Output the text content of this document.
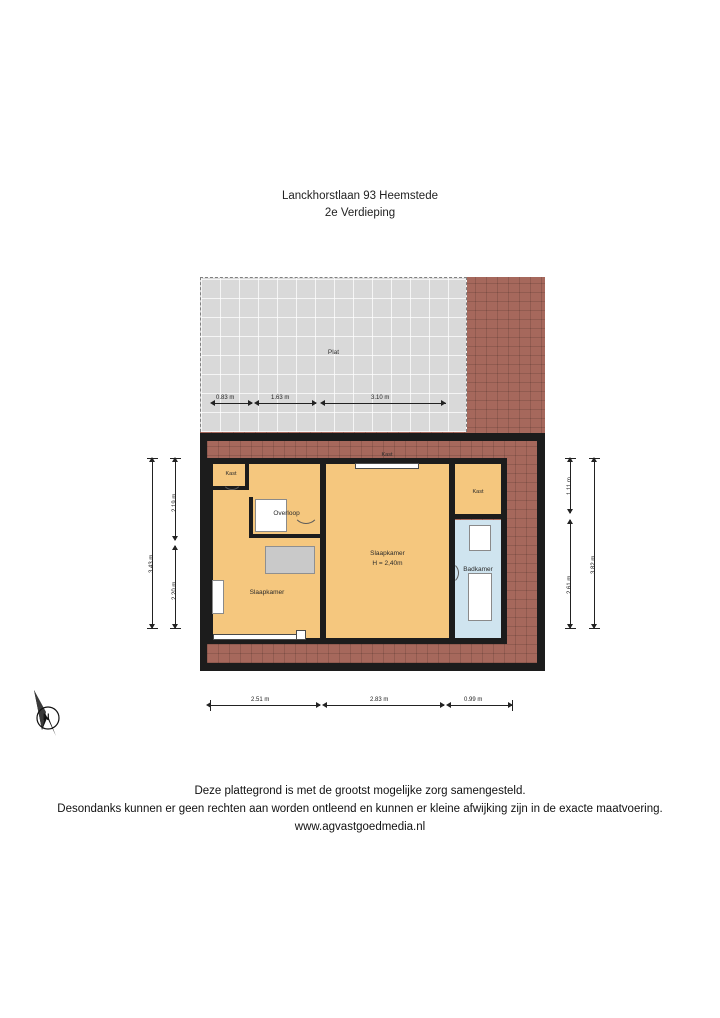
Lanckhorstlaan 93 Heemstede
2e Verdieping
Plat
0.83 m	1.63 m	3.10 m
Slaapkamer
Overloop
Slaapkamer
H = 2,40m
Badkamer
Kast
Kast
Kast
2.19 m
2.20 m
3.43 m
1.11 m
2.61 m
3.82 m
2.51 m	2.83 m	0.99 m
N
Deze plattegrond is met de grootst mogelijke zorg samengesteld.
Desondanks kunnen er geen rechten aan worden ontleend en kunnen er kleine afwijking zijn in de exacte maatvoering.
www.agvastgoedmedia.nl
